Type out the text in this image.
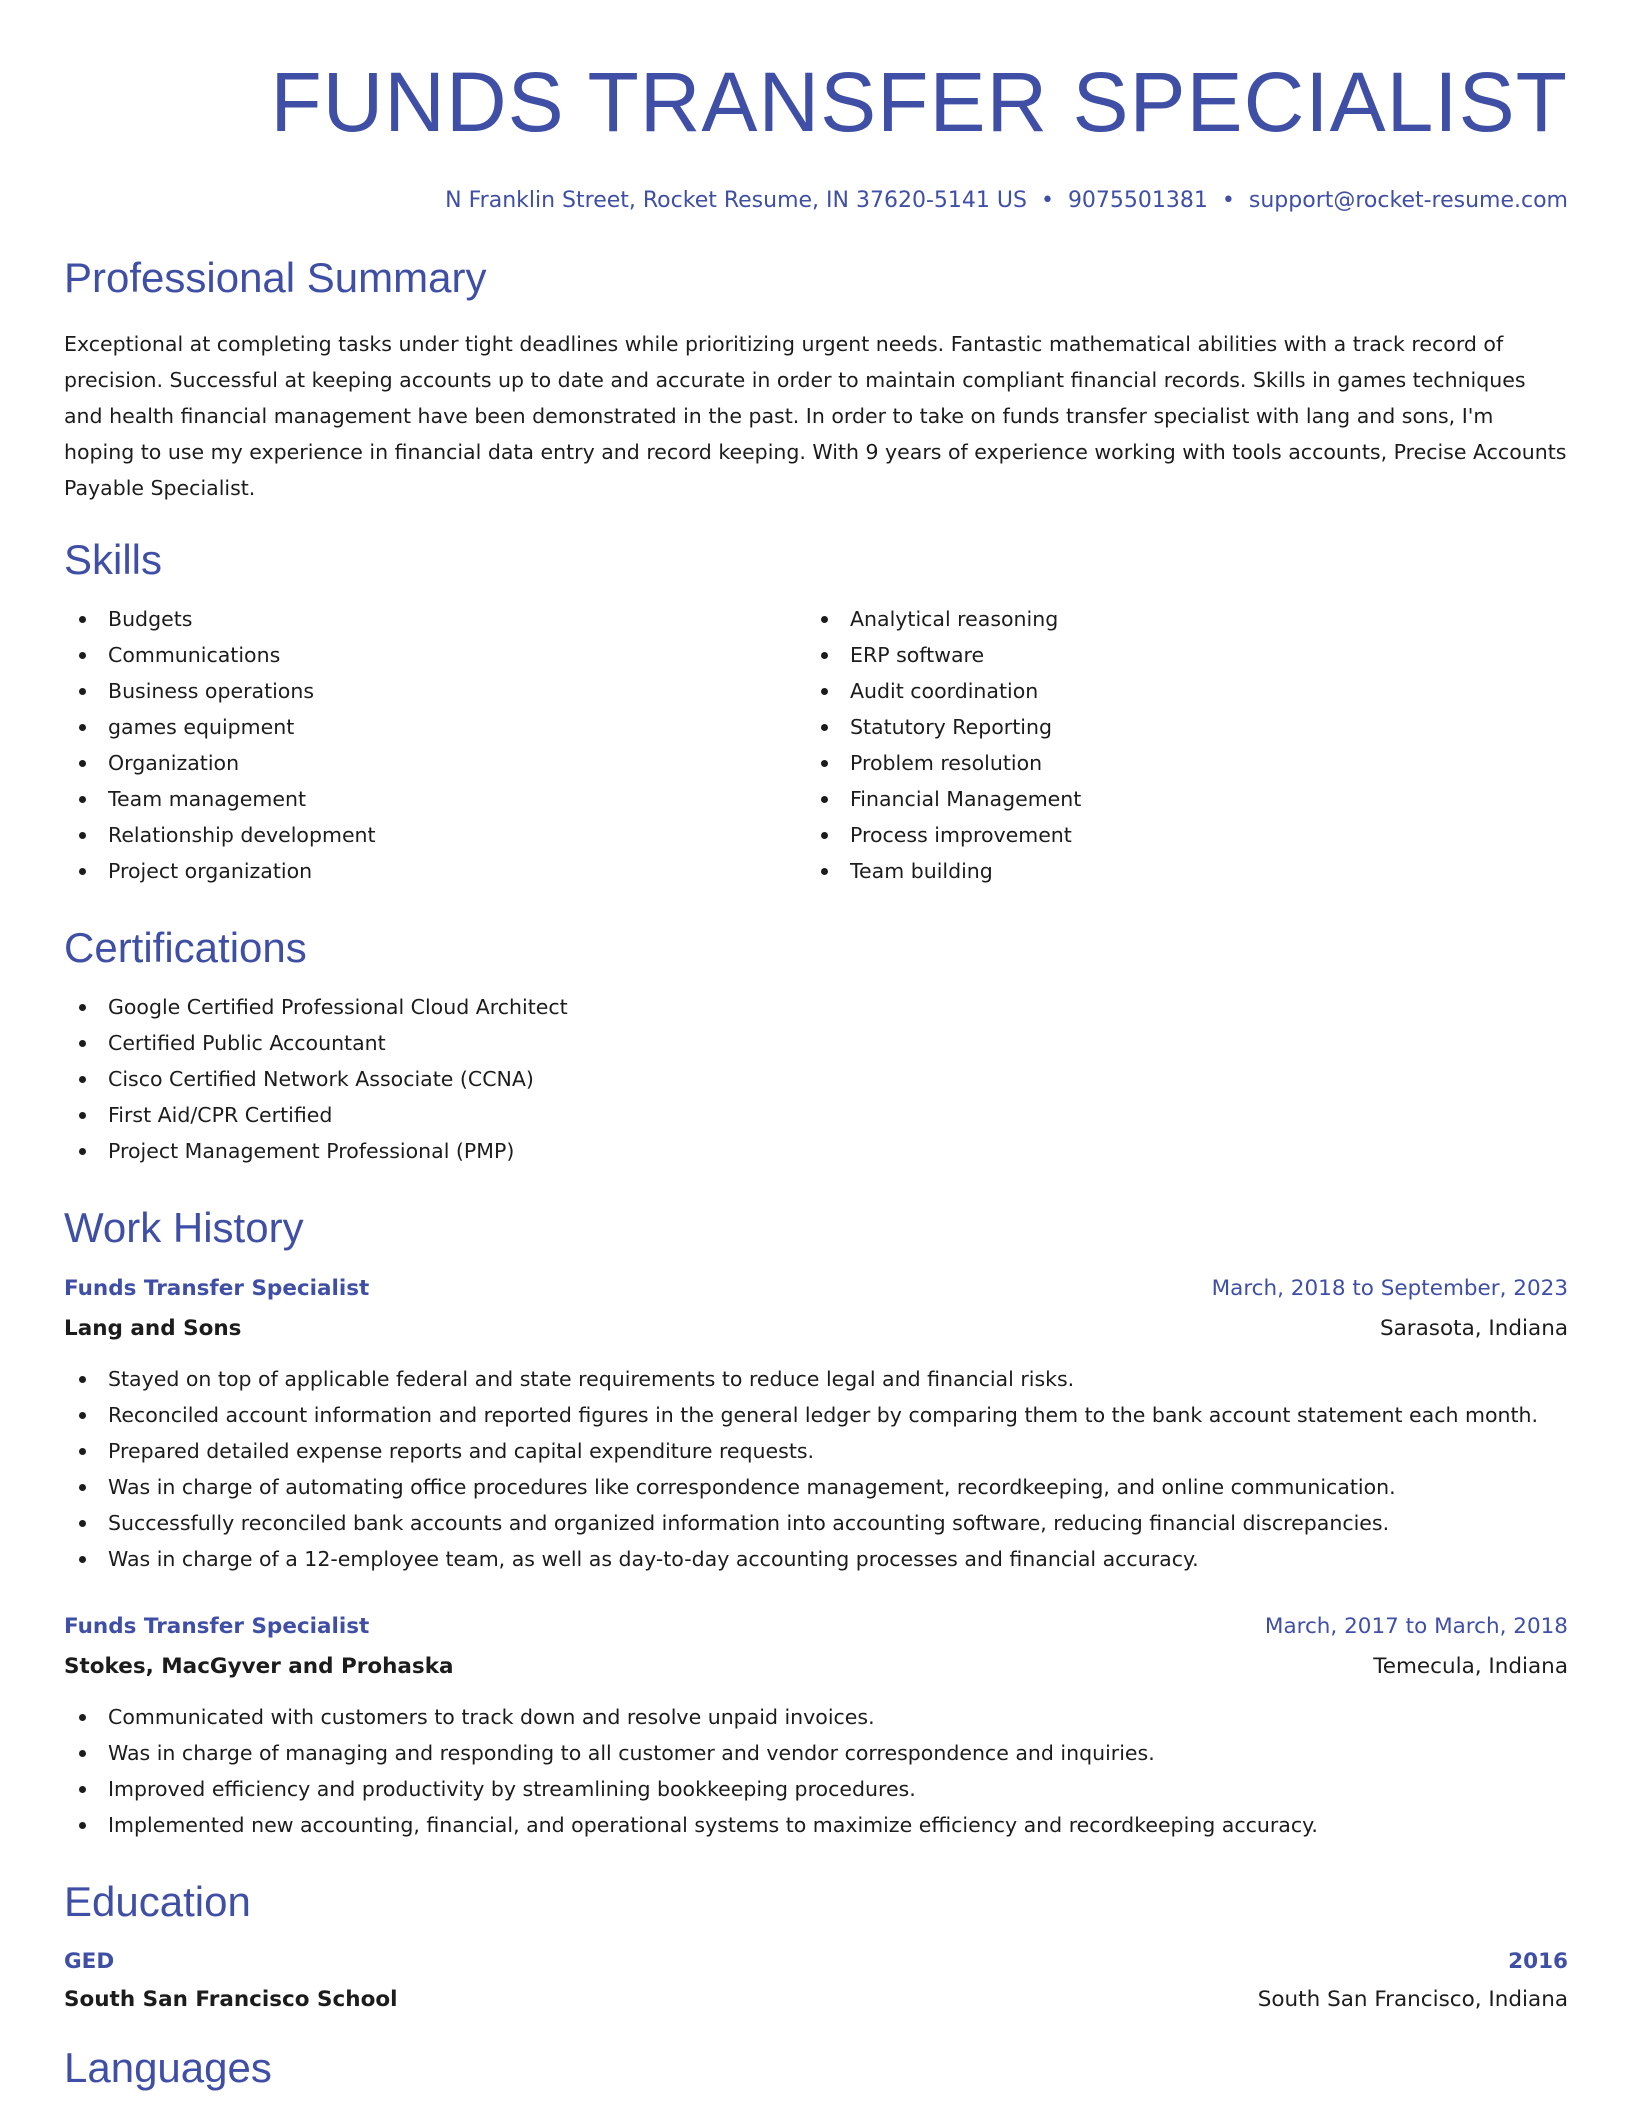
FUNDS TRANSFER SPECIALIST
N Franklin Street, Rocket Resume, IN 37620-5141 US • 9075501381 • support@rocket-resume.com
Professional Summary

Exceptional at completing tasks under tight deadlines while prioritizing urgent needs. Fantastic mathematical abilities with a track record of precision. Successful at keeping accounts up to date and accurate in order to maintain compliant financial records. Skills in games techniques and health financial management have been demonstrated in the past. In order to take on funds transfer specialist with lang and sons, I'm hoping to use my experience in financial data entry and record keeping. With 9 years of experience working with tools accounts, Precise Accounts Payable Specialist.

Skills
Budgets
Communications
Business operations
games equipment
Organization
Team management
Relationship development
Project organization
Analytical reasoning
ERP software
Audit coordination
Statutory Reporting
Problem resolution
Financial Management
Process improvement
Team building
Certifications
Google Certified Professional Cloud Architect
Certified Public Accountant
Cisco Certified Network Associate (CCNA)
First Aid/CPR Certified
Project Management Professional (PMP)
Work History
Funds Transfer Specialist	March, 2018 to September, 2023
Lang and Sons	Sarasota, Indiana
Stayed on top of applicable federal and state requirements to reduce legal and financial risks.
Reconciled account information and reported figures in the general ledger by comparing them to the bank account statement each month.
Prepared detailed expense reports and capital expenditure requests.
Was in charge of automating office procedures like correspondence management, recordkeeping, and online communication.
Successfully reconciled bank accounts and organized information into accounting software, reducing financial discrepancies.
Was in charge of a 12-employee team, as well as day-to-day accounting processes and financial accuracy.
Funds Transfer Specialist	March, 2017 to March, 2018
Stokes, MacGyver and Prohaska	Temecula, Indiana
Communicated with customers to track down and resolve unpaid invoices.
Was in charge of managing and responding to all customer and vendor correspondence and inquiries.
Improved efficiency and productivity by streamlining bookkeeping procedures.
Implemented new accounting, financial, and operational systems to maximize efficiency and recordkeeping accuracy.
Education
GED	2016
South San Francisco School	South San Francisco, Indiana
Languages
